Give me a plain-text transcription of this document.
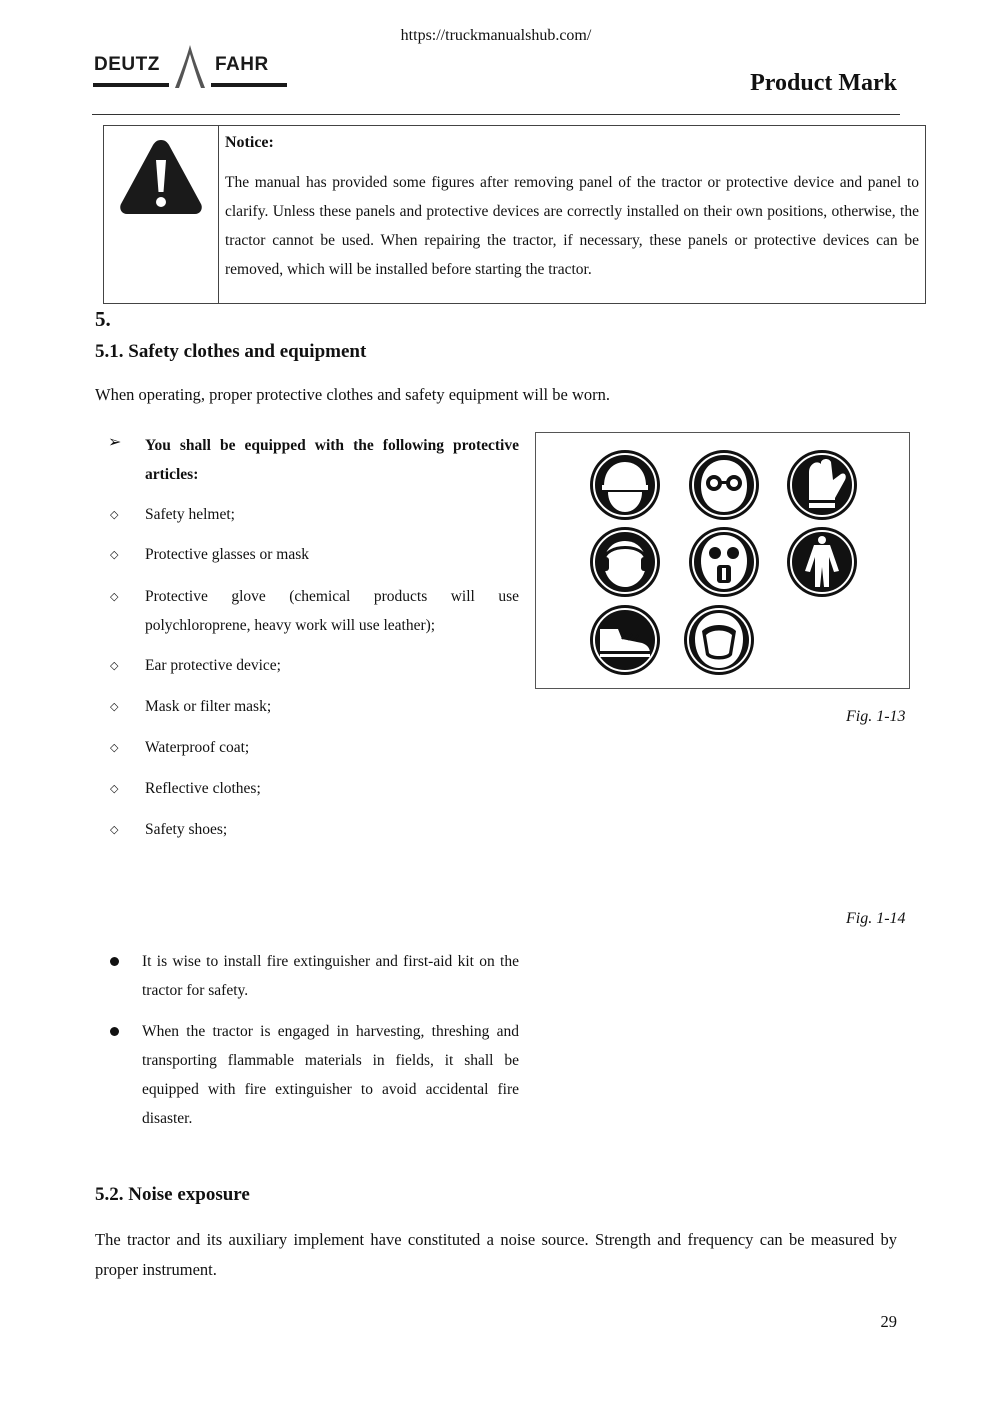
https://truckmanualshub.com/
DEUTZ	FAHR
Product Mark
Notice:
The manual has provided some figures after removing panel of the tractor or protective device and panel to clarify. Unless these panels and protective devices are correctly installed on their own positions, otherwise, the tractor cannot be used. When repairing the tractor, if necessary, these panels or protective devices can be removed, which will be installed before starting the tractor.
5.
5.1. Safety clothes and equipment
When operating, proper protective clothes and safety equipment will be worn.
➢ You shall be equipped with the following protective articles:
◇ Safety helmet;
◇ Protective glasses or mask
◇ Protective glove (chemical products will use polychloroprene, heavy work will use leather);
◇ Ear protective device;
◇ Mask or filter mask;
◇ Waterproof coat;
◇ Reflective clothes;
◇ Safety shoes;
Fig. 1-13
Fig. 1-14
It is wise to install fire extinguisher and first-aid kit on the tractor for safety.
When the tractor is engaged in harvesting, threshing and transporting flammable materials in fields, it shall be equipped with fire extinguisher to avoid accidental fire disaster.
5.2. Noise exposure
The tractor and its auxiliary implement have constituted a noise source. Strength and frequency can be measured by proper instrument.
29
